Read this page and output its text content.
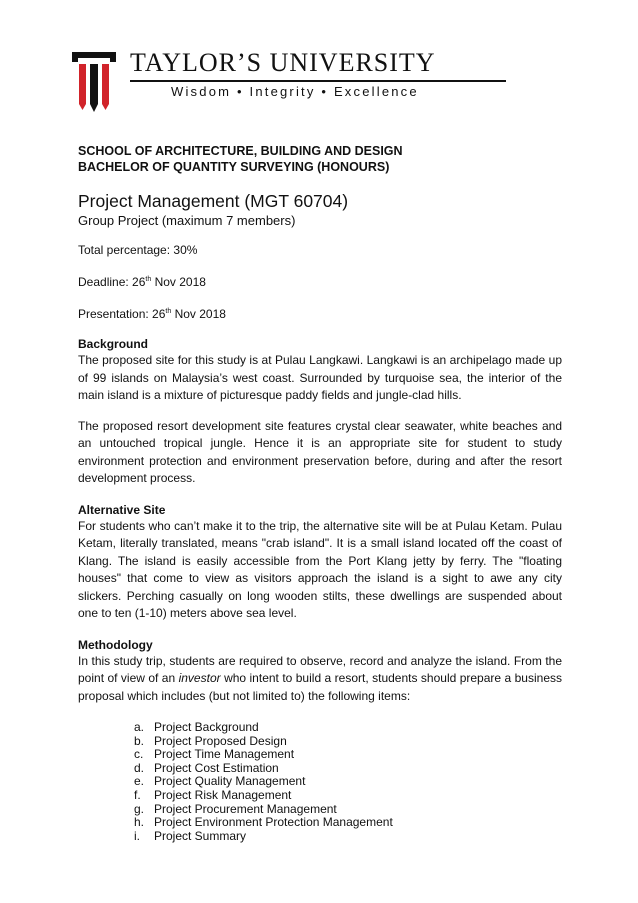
TAYLOR’S UNIVERSITY
Wisdom • Integrity • Excellence

SCHOOL OF ARCHITECTURE, BUILDING AND DESIGN

BACHELOR OF QUANTITY SURVEYING (HONOURS)

Project Management (MGT 60704)

Group Project (maximum 7 members)

Total percentage: 30%

Deadline: 26th Nov 2018

Presentation: 26th Nov 2018

Background

The proposed site for this study is at Pulau Langkawi. Langkawi is an archipelago made up of 99 islands on Malaysia’s west coast. Surrounded by turquoise sea, the interior of the main island is a mixture of picturesque paddy fields and jungle-clad hills.

The proposed resort development site features crystal clear seawater, white beaches and an untouched tropical jungle. Hence it is an appropriate site for student to study environment protection and environment preservation before, during and after the resort development process.

Alternative Site

For students who can’t make it to the trip, the alternative site will be at Pulau Ketam. Pulau Ketam, literally translated, means "crab island". It is a small island located off the coast of Klang. The island is easily accessible from the Port Klang jetty by ferry. The "floating houses" that come to view as visitors approach the island is a sight to awe any city slickers. Perching casually on long wooden stilts, these dwellings are suspended about one to ten (1-10) meters above sea level.

Methodology

In this study trip, students are required to observe, record and analyze the island. From the point of view of an investor who intent to build a resort, students should prepare a business proposal which includes (but not limited to) the following items:

a. Project Background
b. Project Proposed Design
c. Project Time Management
d. Project Cost Estimation
e. Project Quality Management
f.	Project Risk Management
g. Project Procurement Management
h. Project Environment Protection Management
i.	Project Summary
